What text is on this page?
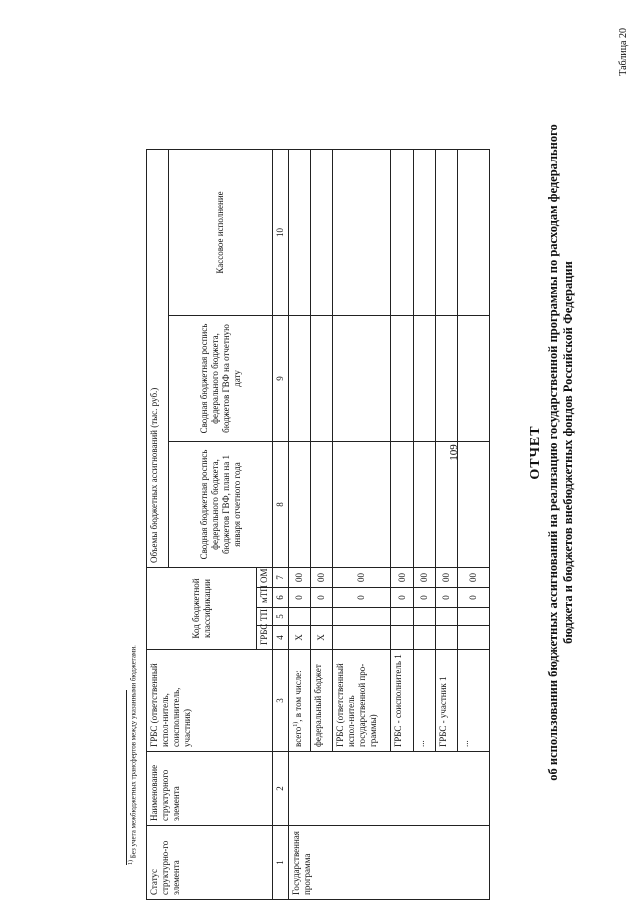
Таблица 20
109	ОТЧЕТ об использовании бюджетных ассигнований на реализацию государственной программы по расходам федерального бюджета и бюджетов внебюджетных фондов Российской Федерации
Статус структурно-го элемента	Наименование структурного элемента	ГРБС (ответственный испол-нитель, соисполнитель, участник)	Код бюджетной классификации				Объемы бюджетных ассигнований (тыс. руб.)		
							Сводная бюджетная роспись федерального бюджета, бюджетов ГВФ, план на 1 января отчетного года	Сводная бюджетная роспись федерального бюджета, бюджетов ГВФ на отчетную дату	Кассовое исполнение
			ГРБС	ТП	мТП	ОМ			
1	2	3	4	5	6	7	8	9	10
Государственная программа		всего$^{1)}$, в том числе:	Х		0	00			
		федеральный бюджет	Х		0	00			
		ГРБС (ответственный испол-нитель государственной про-граммы)			0	00			
		ГРБС - соисполнитель 1			0	00			
		...			0	00			
		ГРБС - участник 1			0	00			
		...			0	00			
$^{1)}$ Без учета межбюджетных трансфертов между указанными бюджетами.
